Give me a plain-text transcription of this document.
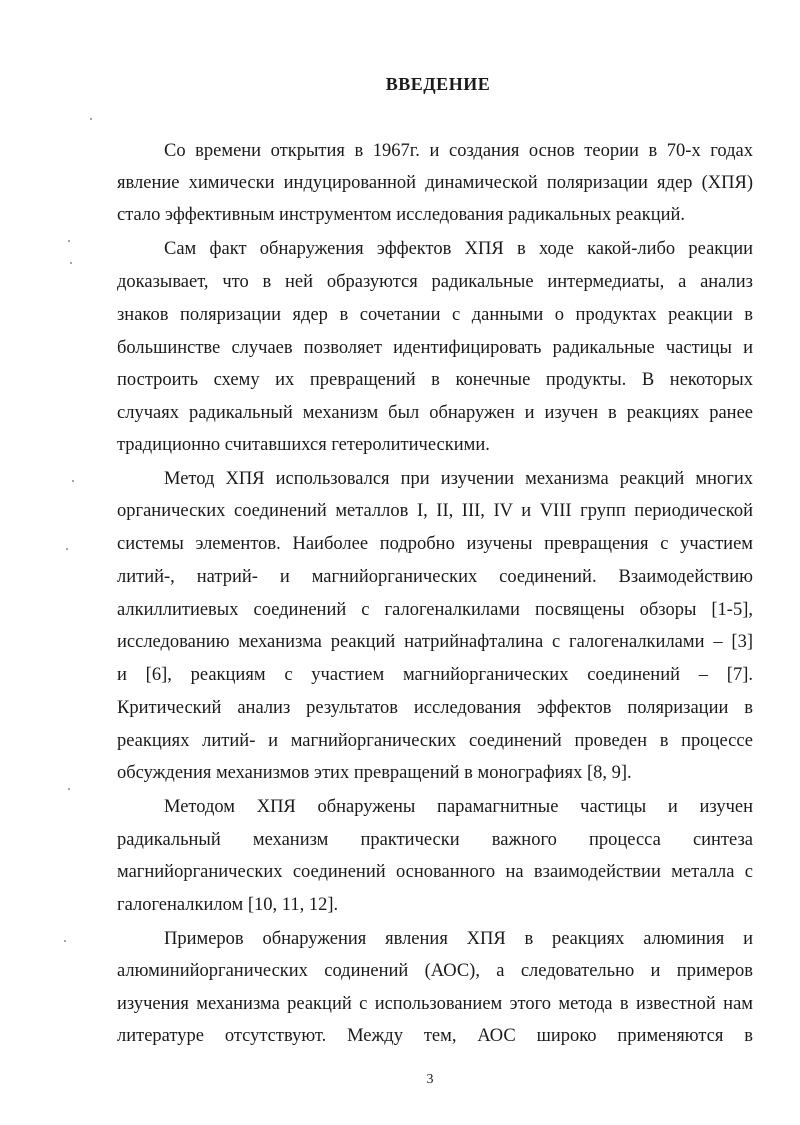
ВВЕДЕНИЕ
Со времени открытия в 1967г. и создания основ теории в 70-х годах
явление химически индуцированной динамической поляризации ядер (ХПЯ)
стало эффективным инструментом исследования радикальных реакций.
Сам факт обнаружения эффектов ХПЯ в ходе какой-либо реакции
доказывает, что в ней образуются радикальные интермедиаты, а анализ
знаков поляризации ядер в сочетании с данными о продуктах реакции в
большинстве случаев позволяет идентифицировать радикальные частицы и
построить схему их превращений в конечные продукты. В некоторых
случаях радикальный механизм был обнаружен и изучен в реакциях ранее
традиционно считавшихся гетеролитическими.
Метод ХПЯ использовался при изучении механизма реакций многих
органических соединений металлов I, II, III, IV и VIII групп периодической
системы элементов. Наиболее подробно изучены превращения с участием
литий-, натрий- и магнийорганических соединений. Взаимодействию
алкиллитиевых соединений с галогеналкилами посвящены обзоры [1-5],
исследованию механизма реакций натрийнафталина с галогеналкилами – [3]
и [6], реакциям с участием магнийорганических соединений – [7].
Критический анализ результатов исследования эффектов поляризации в
реакциях литий- и магнийорганических соединений проведен в процессе
обсуждения механизмов этих превращений в монографиях [8, 9].
Методом ХПЯ обнаружены парамагнитные частицы и изучен
радикальный механизм практически важного процесса синтеза
магнийорганических соединений основанного на взаимодействии металла с
галогеналкилом [10, 11, 12].
Примеров обнаружения явления ХПЯ в реакциях алюминия и
алюминийорганических содинений (АОС), а следовательно и примеров
изучения механизма реакций с использованием этого метода в известной нам
литературе отсутствуют. Между тем, АОС широко применяются в
3
